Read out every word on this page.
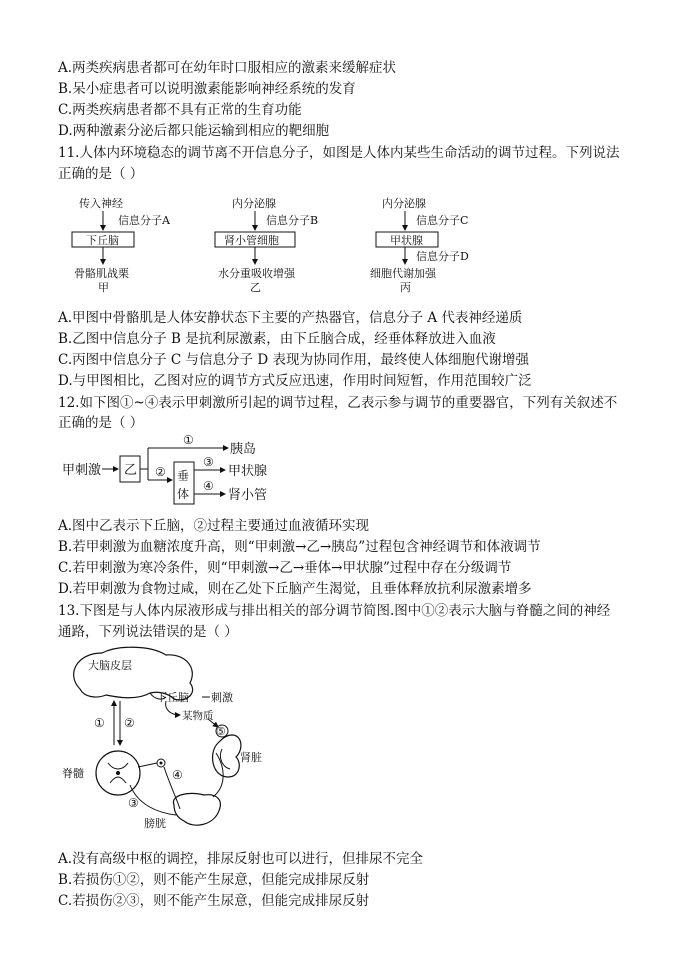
A.两类疾病患者都可在幼年时口服相应的激素来缓解症状
B.呆小症患者可以说明激素能影响神经系统的发育
C.两类疾病患者都不具有正常的生育功能
D.两种激素分泌后都只能运输到相应的靶细胞
11.人体内环境稳态的调节离不开信息分子，如图是人体内某些生命活动的调节过程。下列说法
正确的是（ ）
传入神经
信息分子A
下丘脑
骨骼肌战栗
甲
内分泌腺
信息分子B
肾小管细胞
水分重吸收增强
乙
内分泌腺
信息分子C
甲状腺
信息分子D
细胞代谢加强
丙
A.甲图中骨骼肌是人体安静状态下主要的产热器官，信息分子 A 代表神经递质
B.乙图中信息分子 B 是抗利尿激素，由下丘脑合成，经垂体释放进入血液
C.丙图中信息分子 C 与信息分子 D 表现为协同作用，最终使人体细胞代谢增强
D.与甲图相比，乙图对应的调节方式反应迅速，作用时间短暂，作用范围较广泛
12.如下图①~④表示甲刺激所引起的调节过程，乙表示参与调节的重要器官，下列有关叙述不
正确的是（ ）
甲刺激 乙
①
胰岛
② 垂
体
③
甲状腺
④
肾小管
A.图中乙表示下丘脑，②过程主要通过血液循环实现
B.若甲刺激为血糖浓度升高，则“甲刺激→乙→胰岛”过程包含神经调节和体液调节
C.若甲刺激为寒冷条件，则“甲刺激→乙→垂体→甲状腺”过程中存在分级调节
D.若甲刺激为食物过咸，则在乙处下丘脑产生渴觉，且垂体释放抗利尿激素增多
13.下图是与人体内尿液形成与排出相关的部分调节简图.图中①②表示大脑与脊髓之间的神经
通路，下列说法错误的是（ ）
大脑皮层
下丘脑 刺激
某物质
① ②
脊髓
③
④
膀胱
肾脏
⑤
A.没有高级中枢的调控，排尿反射也可以进行，但排尿不完全
B.若损伤①②，则不能产生尿意，但能完成排尿反射
C.若损伤②③，则不能产生尿意，但能完成排尿反射
